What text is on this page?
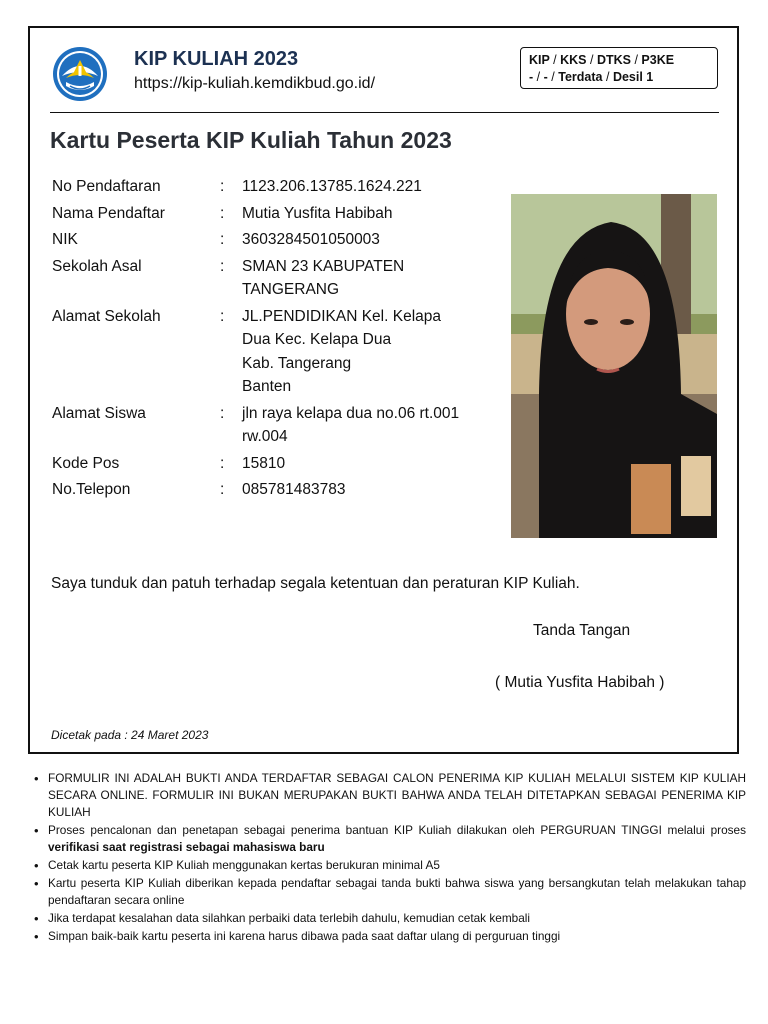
KIP KULIAH 2023
https://kip-kuliah.kemdikbud.go.id/
KIP / KKS / DTKS / P3KE
- / - / Terdata / Desil 1
Kartu Peserta KIP Kuliah Tahun 2023
No Pendaftaran	:	1123.206.13785.1624.221
Nama Pendaftar	:	Mutia Yusfita Habibah
NIK	:	3603284501050003
Sekolah Asal	:	SMAN 23 KABUPATEN
TANGERANG
Alamat Sekolah	:	JL.PENDIDIKAN Kel. Kelapa
Dua Kec. Kelapa Dua
Kab. Tangerang
Banten
Alamat Siswa	:	jln raya kelapa dua no.06 rt.001
rw.004
Kode Pos	:	15810
No.Telepon	:	085781483783
Saya tunduk dan patuh terhadap segala ketentuan dan peraturan KIP Kuliah.
Tanda Tangan
( Mutia Yusfita Habibah )
Dicetak pada : 24 Maret 2023
• FORMULIR INI ADALAH BUKTI ANDA TERDAFTAR SEBAGAI CALON PENERIMA KIP KULIAH MELALUI SISTEM KIP KULIAH SECARA ONLINE. FORMULIR INI BUKAN MERUPAKAN BUKTI BAHWA ANDA TELAH DITETAPKAN SEBAGAI PENERIMA KIP KULIAH
• Proses pencalonan dan penetapan sebagai penerima bantuan KIP Kuliah dilakukan oleh PERGURUAN TINGGI melalui proses verifikasi saat registrasi sebagai mahasiswa baru
• Cetak kartu peserta KIP Kuliah menggunakan kertas berukuran minimal A5
• Kartu peserta KIP Kuliah diberikan kepada pendaftar sebagai tanda bukti bahwa siswa yang bersangkutan telah melakukan tahap pendaftaran secara online
• Jika terdapat kesalahan data silahkan perbaiki data terlebih dahulu, kemudian cetak kembali
• Simpan baik-baik kartu peserta ini karena harus dibawa pada saat daftar ulang di perguruan tinggi
